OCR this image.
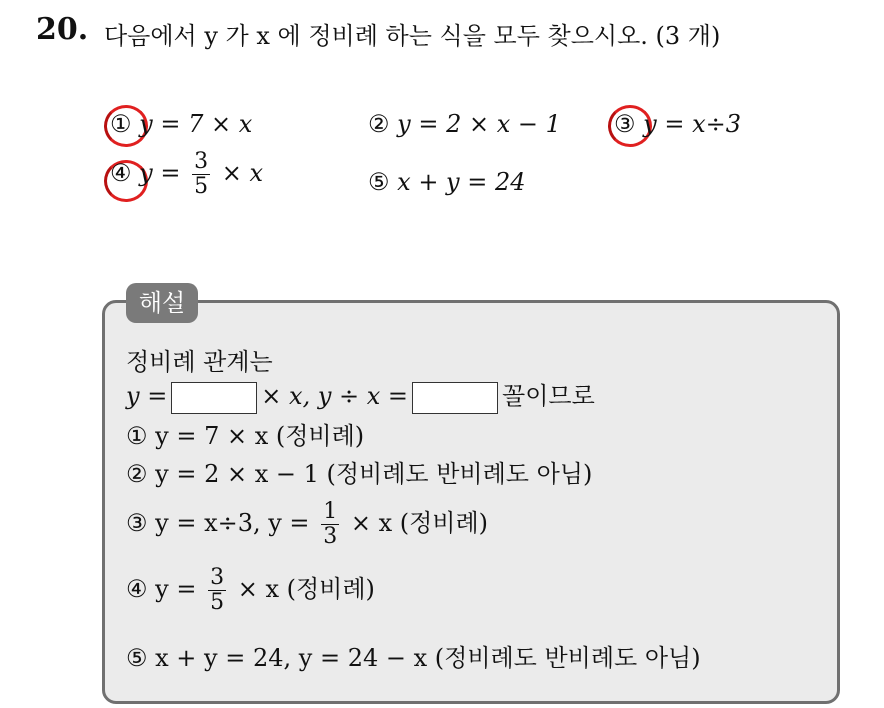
20. 다음에서 y 가 x 에 정비례 하는 식을 모두 찾으시오. (3 개)
① y = 7 × x	② y = 2 × x − 1 ③ y = x÷3
④ $y = \frac{3}{5} \times x$	⑤ x + y = 24
해설
정비례 관계는
y =	× x, y ÷ x =	꼴이므로
① y = 7 × x (정비례)
② y = 2 × x − 1 (정비례도 반비례도 아님)
③ y = x÷3, $y = \frac{1}{3} \times x$ (정비례)
④ $y = \frac{3}{5} \times x$ (정비례)
⑤ x + y = 24, y = 24 − x (정비례도 반비례도 아님)
